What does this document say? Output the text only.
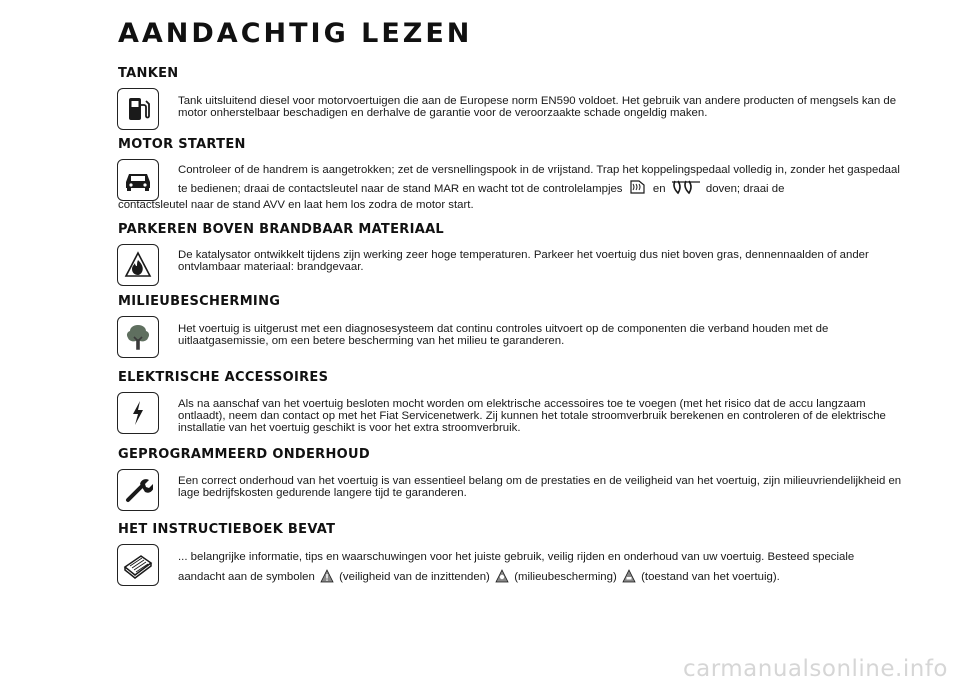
AANDACHTIG LEZEN
TANKEN
Tank uitsluitend diesel voor motorvoertuigen die aan de Europese norm EN590 voldoet. Het gebruik van andere producten of mengsels kan de motor onherstelbaar beschadigen en derhalve de garantie voor de veroorzaakte schade ongeldig maken.
MOTOR STARTEN
Controleer of de handrem is aangetrokken; zet de versnellingspook in de vrijstand. Trap het koppelingspedaal volledig in, zonder het gaspedaal te bedienen; draai de contactsleutel naar de stand MAR en wacht tot de controlelampjes	en	doven; draai de
contactsleutel naar de stand AVV en laat hem los zodra de motor start.
PARKEREN BOVEN BRANDBAAR MATERIAAL
De katalysator ontwikkelt tijdens zijn werking zeer hoge temperaturen. Parkeer het voertuig dus niet boven gras, dennennaalden of ander ontvlambaar materiaal: brandgevaar.
MILIEUBESCHERMING
Het voertuig is uitgerust met een diagnosesysteem dat continu controles uitvoert op de componenten die verband houden met de uitlaatgasemissie, om een betere bescherming van het milieu te garanderen.
ELEKTRISCHE ACCESSOIRES
Als na aanschaf van het voertuig besloten mocht worden om elektrische accessoires toe te voegen (met het risico dat de accu langzaam ontlaadt), neem dan contact op met het Fiat Servicenetwerk. Zij kunnen het totale stroomverbruik berekenen en controleren of de elektrische installatie van het voertuig geschikt is voor het extra stroomverbruik.
GEPROGRAMMEERD ONDERHOUD
Een correct onderhoud van het voertuig is van essentieel belang om de prestaties en de veiligheid van het voertuig, zijn milieuvriendelijkheid en lage bedrijfskosten gedurende langere tijd te garanderen.
HET INSTRUCTIEBOEK BEVAT
... belangrijke informatie, tips en waarschuwingen voor het juiste gebruik, veilig rijden en onderhoud van uw voertuig. Besteed speciale
aandacht aan de symbolen (veiligheid van de inzittenden) (milieubescherming) (toestand van het voertuig).
carmanualsonline.info
